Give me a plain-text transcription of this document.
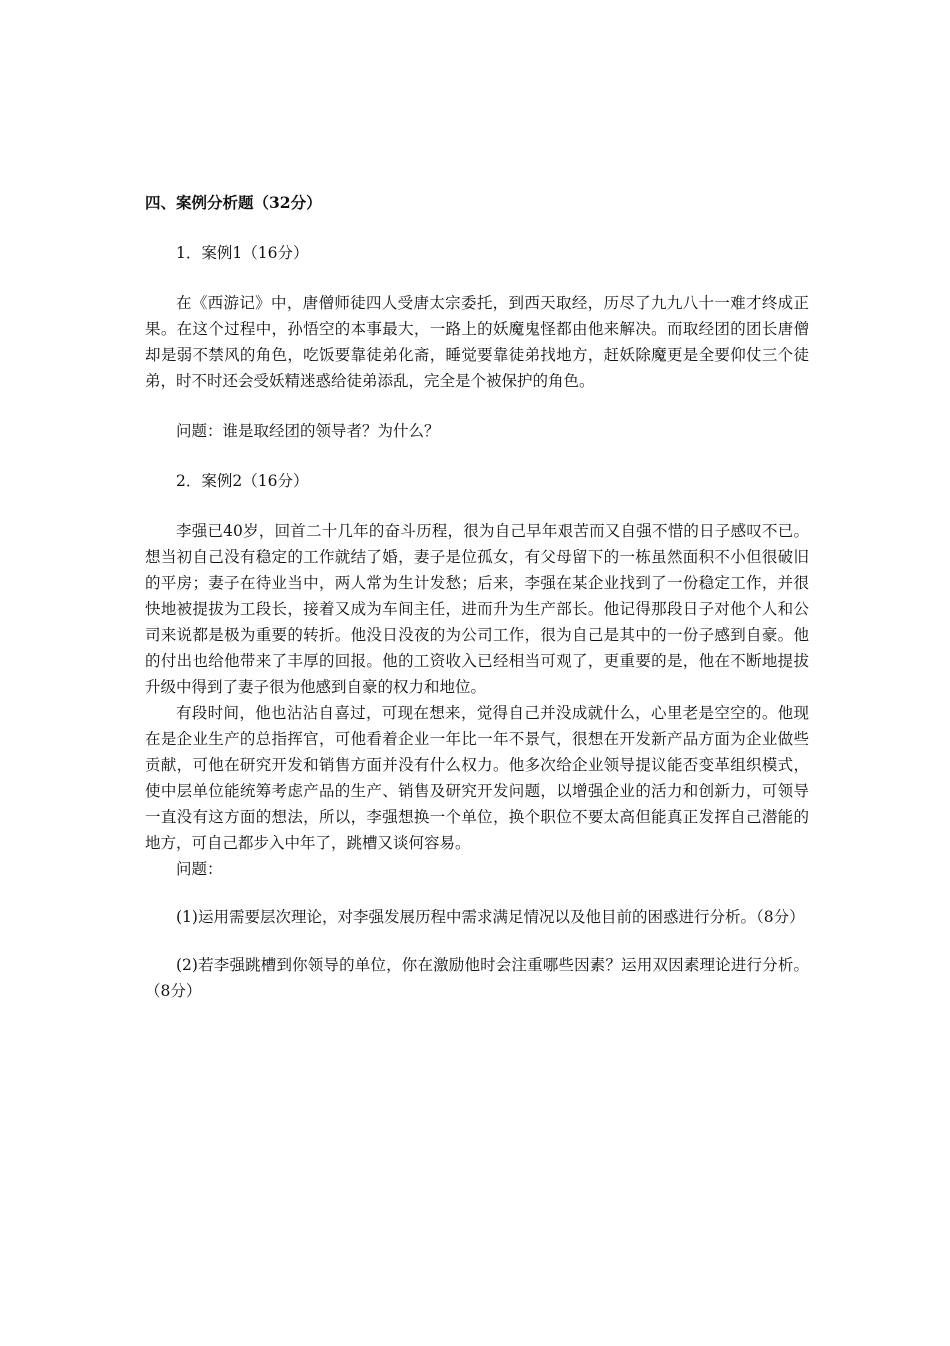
四、案例分析题（32分）

1．案例1（16分）

在《西游记》中，唐僧师徒四人受唐太宗委托，到西天取经，历尽了九九八十一难才终成正果。在这个过程中，孙悟空的本事最大，一路上的妖魔鬼怪都由他来解决。而取经团的团长唐僧却是弱不禁风的角色，吃饭要靠徒弟化斋，睡觉要靠徒弟找地方，赶妖除魔更是全要仰仗三个徒弟，时不时还会受妖精迷惑给徒弟添乱，完全是个被保护的角色。

问题：谁是取经团的领导者？为什么？

2．案例2（16分）

李强已40岁，回首二十几年的奋斗历程，很为自己早年艰苦而又自强不惜的日子感叹不已。想当初自己没有稳定的工作就结了婚，妻子是位孤女，有父母留下的一栋虽然面积不小但很破旧的平房；妻子在待业当中，两人常为生计发愁；后来，李强在某企业找到了一份稳定工作，并很快地被提拔为工段长，接着又成为车间主任，进而升为生产部长。他记得那段日子对他个人和公司来说都是极为重要的转折。他没日没夜的为公司工作，很为自己是其中的一份子感到自豪。他的付出也给他带来了丰厚的回报。他的工资收入已经相当可观了，更重要的是，他在不断地提拔升级中得到了妻子很为他感到自豪的权力和地位。

有段时间，他也沾沾自喜过，可现在想来，觉得自己并没成就什么，心里老是空空的。他现在是企业生产的总指挥官，可他看着企业一年比一年不景气，很想在开发新产品方面为企业做些贡献，可他在研究开发和销售方面并没有什么权力。他多次给企业领导提议能否变革组织模式，使中层单位能统筹考虑产品的生产、销售及研究开发问题，以增强企业的活力和创新力，可领导一直没有这方面的想法，所以，李强想换一个单位，换个职位不要太高但能真正发挥自己潜能的地方，可自己都步入中年了，跳槽又谈何容易。

问题：

(1)运用需要层次理论，对李强发展历程中需求满足情况以及他目前的困惑进行分析。（8分）

(2)若李强跳槽到你领导的单位，你在激励他时会注重哪些因素？运用双因素理论进行分析。（8分）
